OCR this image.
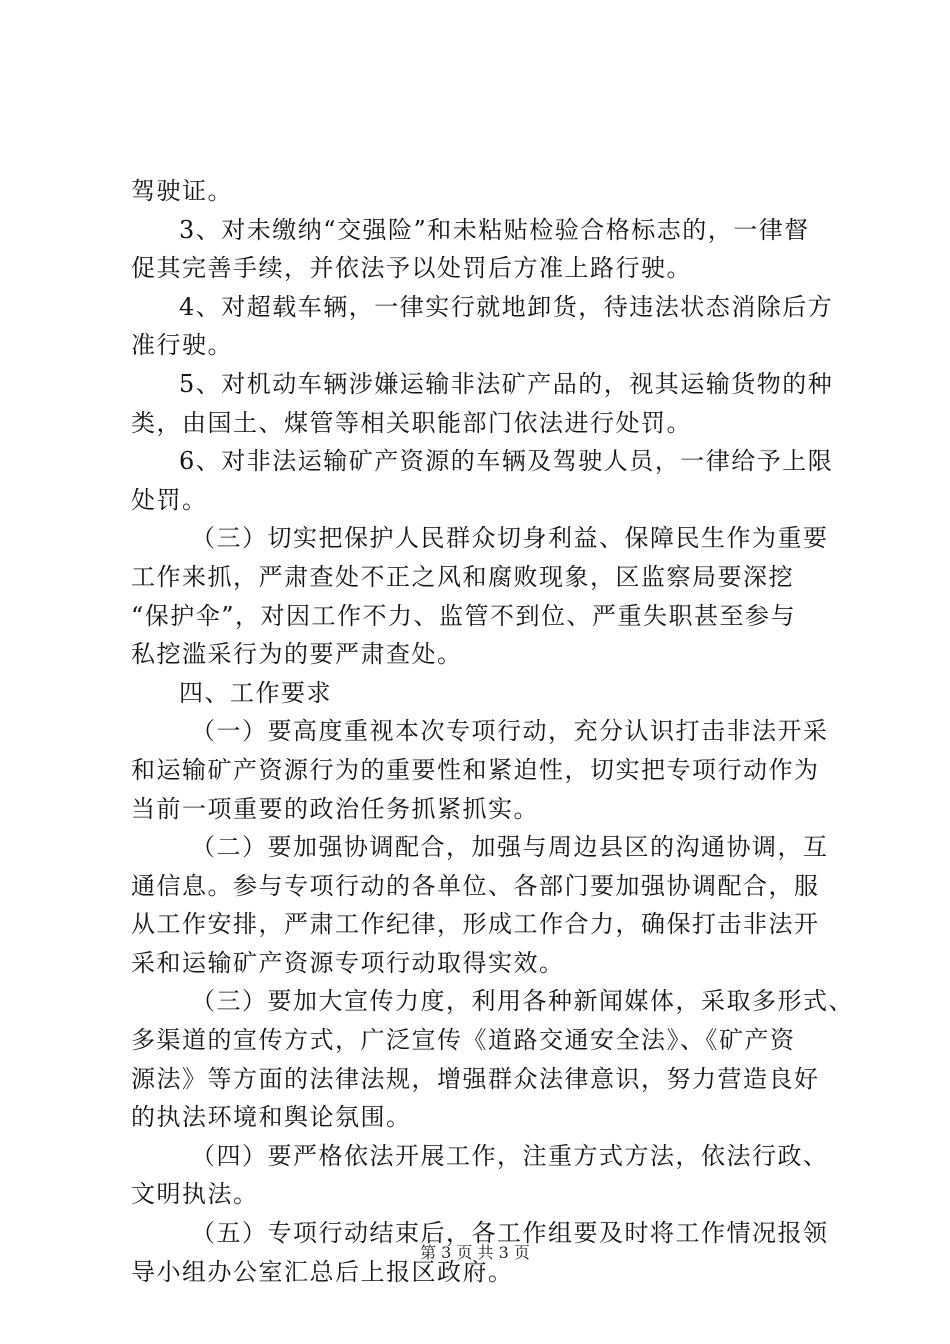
驾驶证。
3、对未缴纳“交强险”和未粘贴检验合格标志的，一律督
促其完善手续，并依法予以处罚后方准上路行驶。
4、对超载车辆，一律实行就地卸货，待违法状态消除后方
准行驶。
5、对机动车辆涉嫌运输非法矿产品的，视其运输货物的种
类，由国土、煤管等相关职能部门依法进行处罚。
6、对非法运输矿产资源的车辆及驾驶人员，一律给予上限
处罚。
（三）切实把保护人民群众切身利益、保障民生作为重要
工作来抓，严肃查处不正之风和腐败现象，区监察局要深挖
“保护伞”，对因工作不力、监管不到位、严重失职甚至参与
私挖滥采行为的要严肃查处。
四、工作要求
（一）要高度重视本次专项行动，充分认识打击非法开采
和运输矿产资源行为的重要性和紧迫性，切实把专项行动作为
当前一项重要的政治任务抓紧抓实。
（二）要加强协调配合，加强与周边县区的沟通协调，互
通信息。参与专项行动的各单位、各部门要加强协调配合，服
从工作安排，严肃工作纪律，形成工作合力，确保打击非法开
采和运输矿产资源专项行动取得实效。
（三）要加大宣传力度，利用各种新闻媒体，采取多形式、
多渠道的宣传方式，广泛宣传《道路交通安全法》、《矿产资
源法》等方面的法律法规，增强群众法律意识，努力营造良好
的执法环境和舆论氛围。
（四）要严格依法开展工作，注重方式方法，依法行政、
文明执法。
（五）专项行动结束后，各工作组要及时将工作情况报领
导小组办公室汇总后上报区政府。
第 3 页 共 3 页
